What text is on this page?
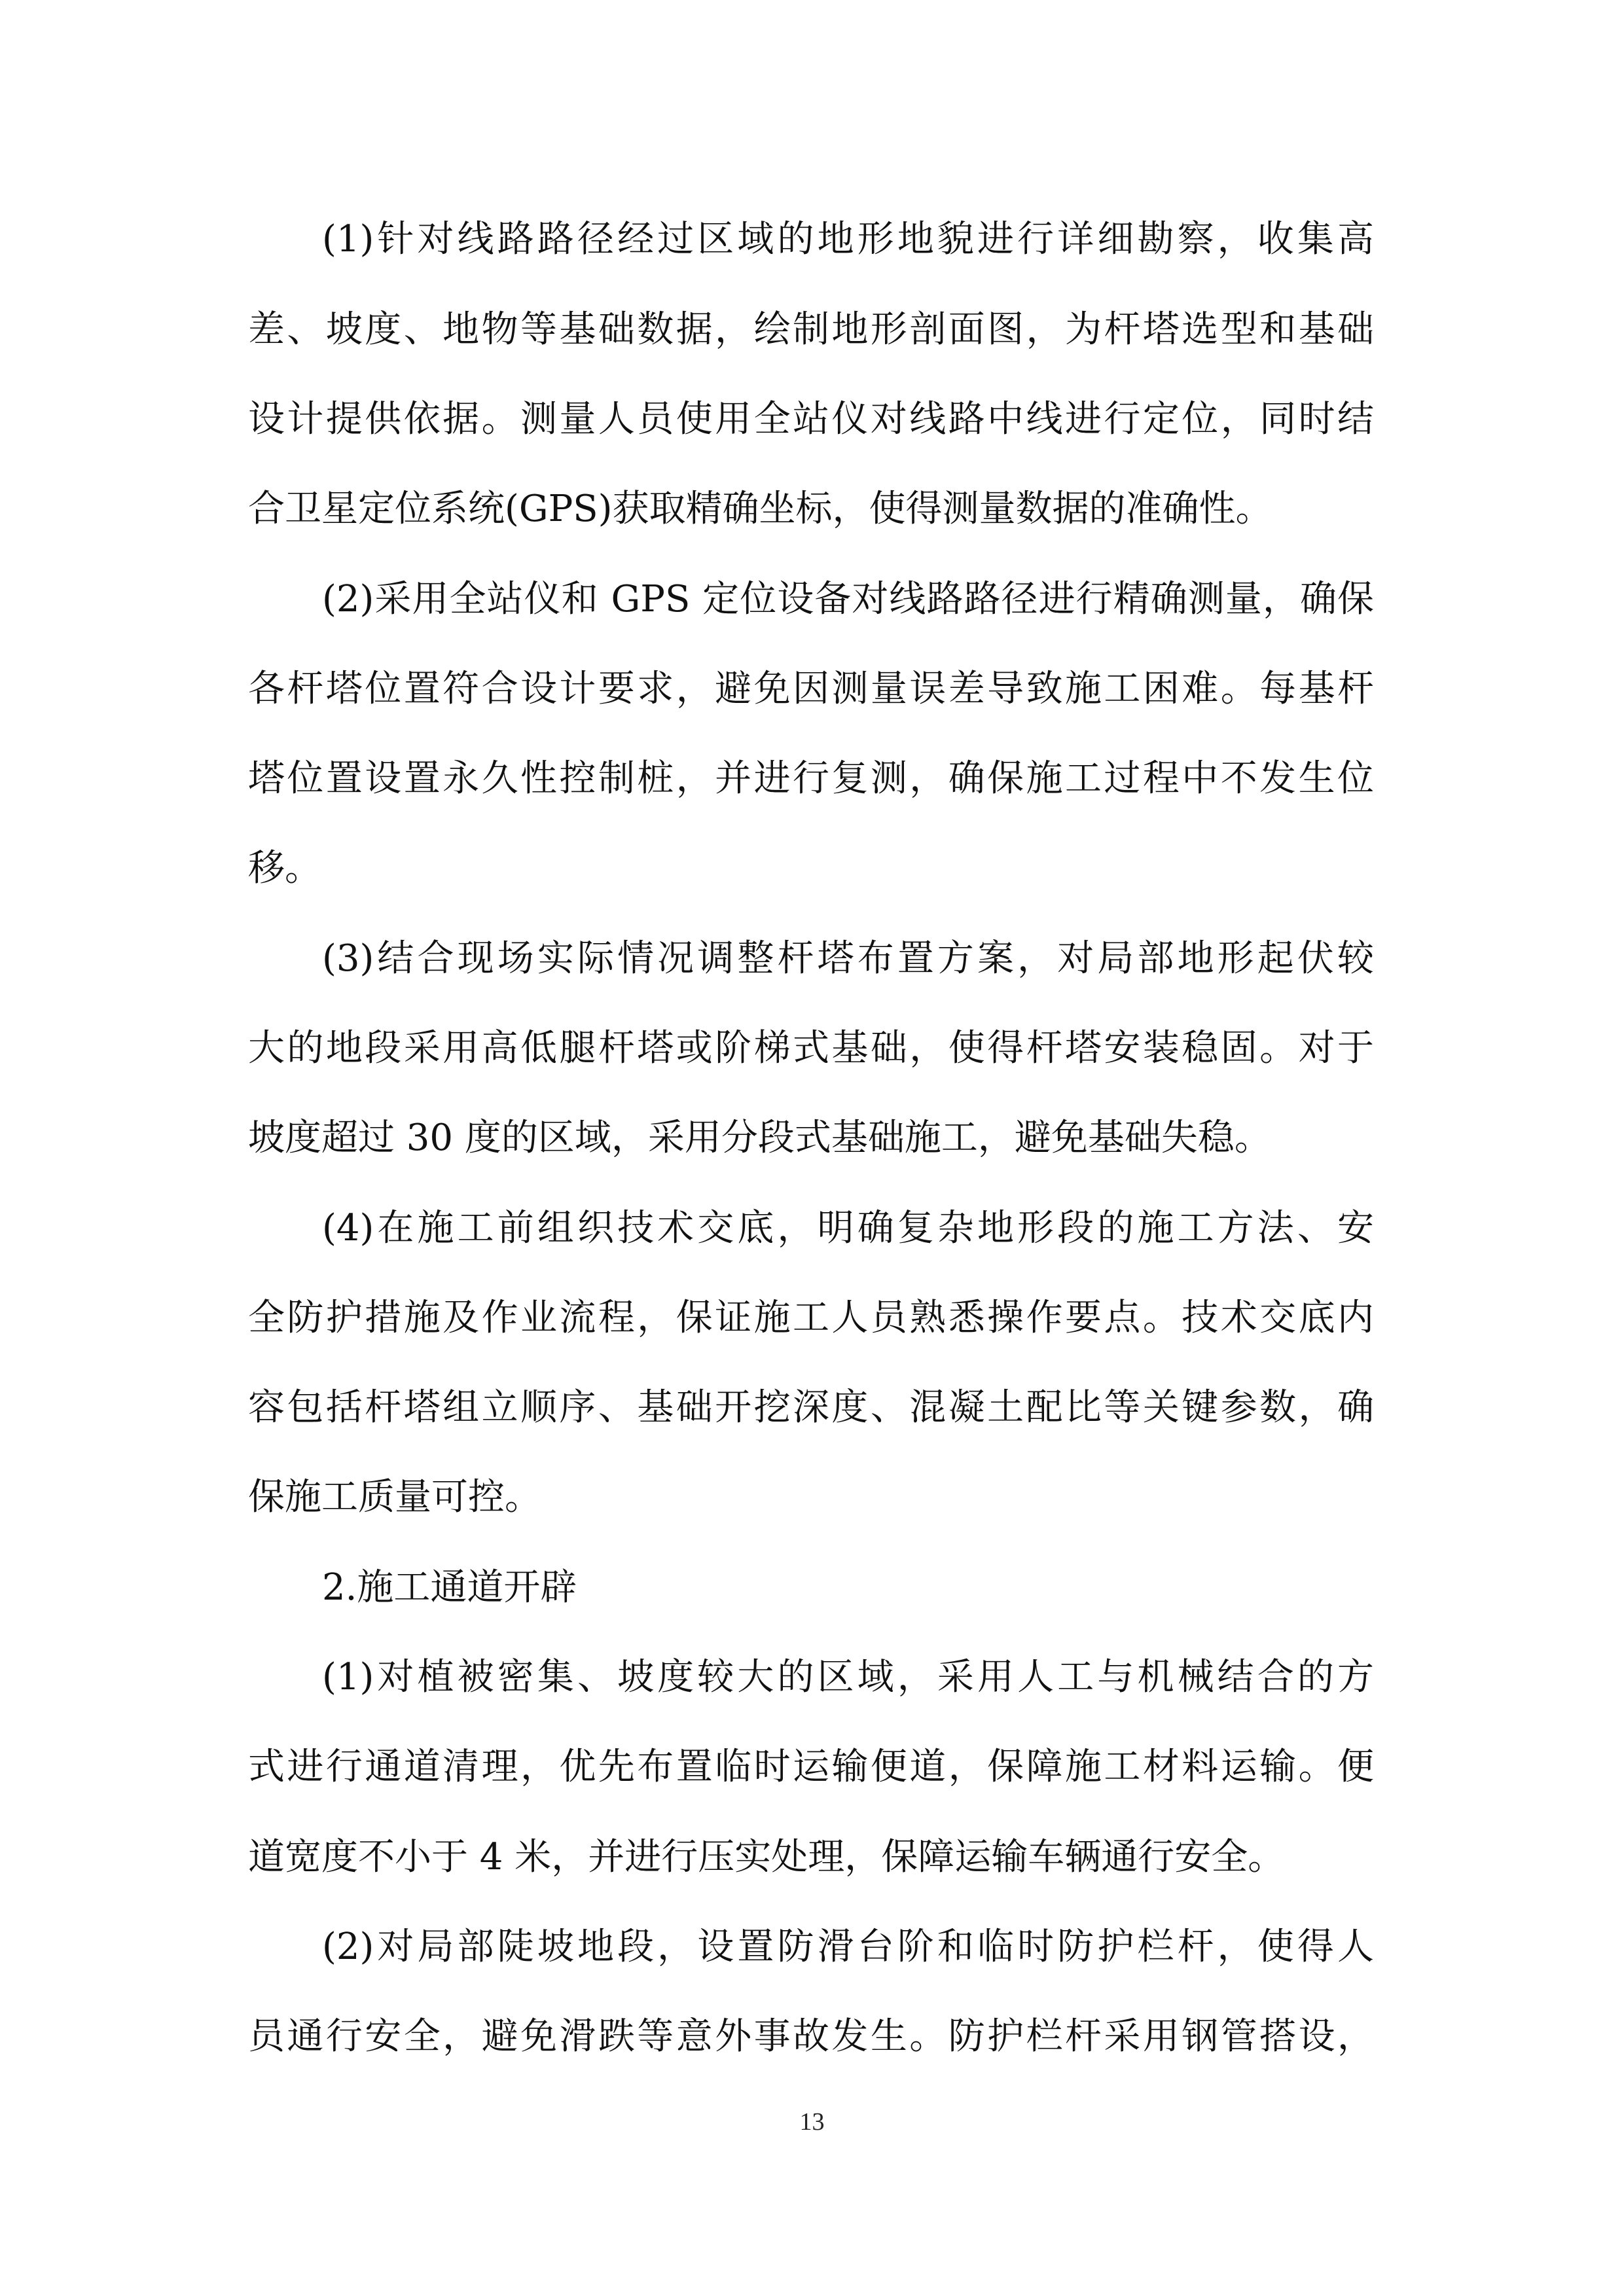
(1)针对线路路径经过区域的地形地貌进行详细勘察，收集高
差、坡度、地物等基础数据，绘制地形剖面图，为杆塔选型和基础
设计提供依据。测量人员使用全站仪对线路中线进行定位，同时结
合卫星定位系统(GPS)获取精确坐标，使得测量数据的准确性。
(2)采用全站仪和 GPS 定位设备对线路路径进行精确测量，确保
各杆塔位置符合设计要求，避免因测量误差导致施工困难。每基杆
塔位置设置永久性控制桩，并进行复测，确保施工过程中不发生位
移。
(3)结合现场实际情况调整杆塔布置方案，对局部地形起伏较
大的地段采用高低腿杆塔或阶梯式基础，使得杆塔安装稳固。对于
坡度超过 30 度的区域，采用分段式基础施工，避免基础失稳。
(4)在施工前组织技术交底，明确复杂地形段的施工方法、安
全防护措施及作业流程，保证施工人员熟悉操作要点。技术交底内
容包括杆塔组立顺序、基础开挖深度、混凝土配比等关键参数，确
保施工质量可控。
2.施工通道开辟
(1)对植被密集、坡度较大的区域，采用人工与机械结合的方
式进行通道清理，优先布置临时运输便道，保障施工材料运输。便
道宽度不小于 4 米，并进行压实处理，保障运输车辆通行安全。
(2)对局部陡坡地段，设置防滑台阶和临时防护栏杆，使得人
员通行安全，避免滑跌等意外事故发生。防护栏杆采用钢管搭设，
13
